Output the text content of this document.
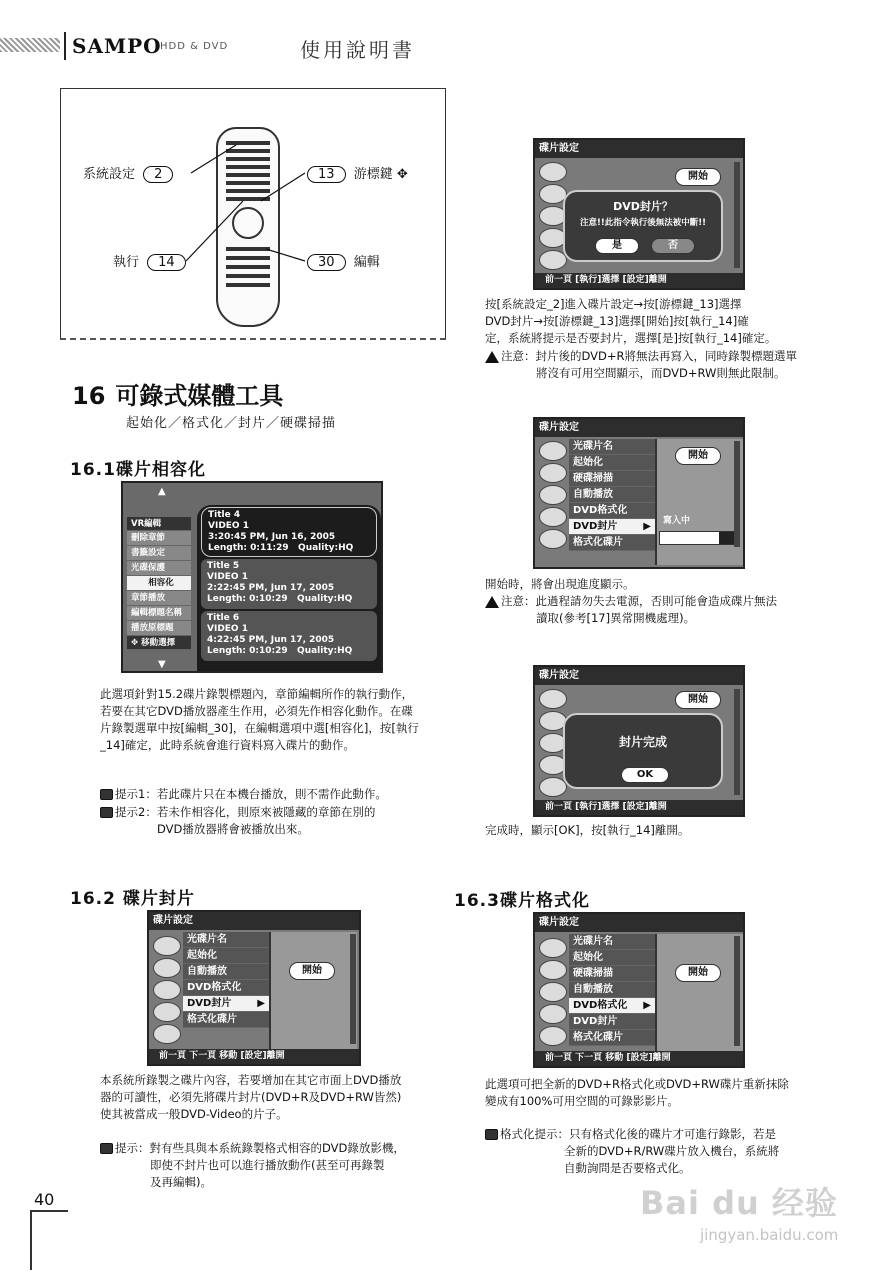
SAMPO
HDD & DVD	使用說明書
系統設定 2
執行 14
13 游標鍵 ✥
30 編輯
16 可錄式媒體工具
起始化／格式化／封片／硬碟掃描
16.1碟片相容化
▲
VR編輯
刪除章節
書籤設定
光碟保護
相容化
章節播放
編輯標題名稱
播放原標題
✥ 移動選擇
▼
Title 4
VIDEO 1
3:20:45 PM, Jun 16, 2005
Length: 0:11:29 Quality:HQ
Title 5
VIDEO 1
2:22:45 PM, Jun 17, 2005
Length: 0:10:29 Quality:HQ
Title 6
VIDEO 1
4:22:45 PM, Jun 17, 2005
Length: 0:10:29 Quality:HQ
此選項針對15.2碟片錄製標題內，章節編輯所作的執行動作，若要在其它DVD播放器產生作用，必須先作相容化動作。在碟片錄製選單中按[編輯_30]，在編輯選項中選[相容化]，按[執行_14]確定，此時系統會進行資料寫入碟片的動作。
提示1：若此碟片只在本機台播放，則不需作此動作。
提示2：若未作相容化，則原來被隱藏的章節在別的
DVD播放器將會被播放出來。
16.2 碟片封片
碟片設定
光碟片名
起始化
自動播放
DVD格式化
DVD封片	▶
格式化碟片
開始
前一頁 下一頁 移動 [設定]離開
本系統所錄製之碟片內容，若要增加在其它市面上DVD播放
器的可讀性，必須先將碟片封片(DVD+R及DVD+RW皆然)
使其被當成一般DVD-Video的片子。
提示：對有些具與本系統錄製格式相容的DVD錄放影機，
即使不封片也可以進行播放動作(甚至可再錄製
及再編輯)。
40
碟片設定
開始
DVD封片？
注意!!此指令執行後無法被中斷!!
是	否
前一頁 [執行]選擇 [設定]離開
按[系統設定_2]進入碟片設定→按[游標鍵_13]選擇
DVD封片→按[游標鍵_13]選擇[開始]按[執行_14]確
定，系統將提示是否要封片，選擇[是]按[執行_14]確定。
注意：封片後的DVD+R將無法再寫入，同時錄製標題選單
將沒有可用空間顯示，而DVD+RW則無此限制。
碟片設定
光碟片名
起始化
硬碟掃描
自動播放
DVD格式化
DVD封片	▶
格式化碟片
開始
寫入中
開始時，將會出現進度顯示。
注意：此過程請勿失去電源，否則可能會造成碟片無法
讀取(參考[17]異常開機處理)。
碟片設定
開始
封片完成
OK
前一頁 [執行]選擇 [設定]離開
完成時，顯示[OK]，按[執行_14]離開。
16.3碟片格式化
碟片設定
光碟片名
起始化
硬碟掃描
自動播放
DVD格式化 ▶
DVD封片
格式化碟片
開始
前一頁 下一頁 移動 [設定]離開
此選項可把全新的DVD+R格式化或DVD+RW碟片重新抹除
變成有100%可用空間的可錄影影片。
格式化提示：只有格式化後的碟片才可進行錄影，若是
全新的DVD+R/RW碟片放入機台，系統將
自動詢問是否要格式化。
Bai du 经验
jingyan.baidu.com
